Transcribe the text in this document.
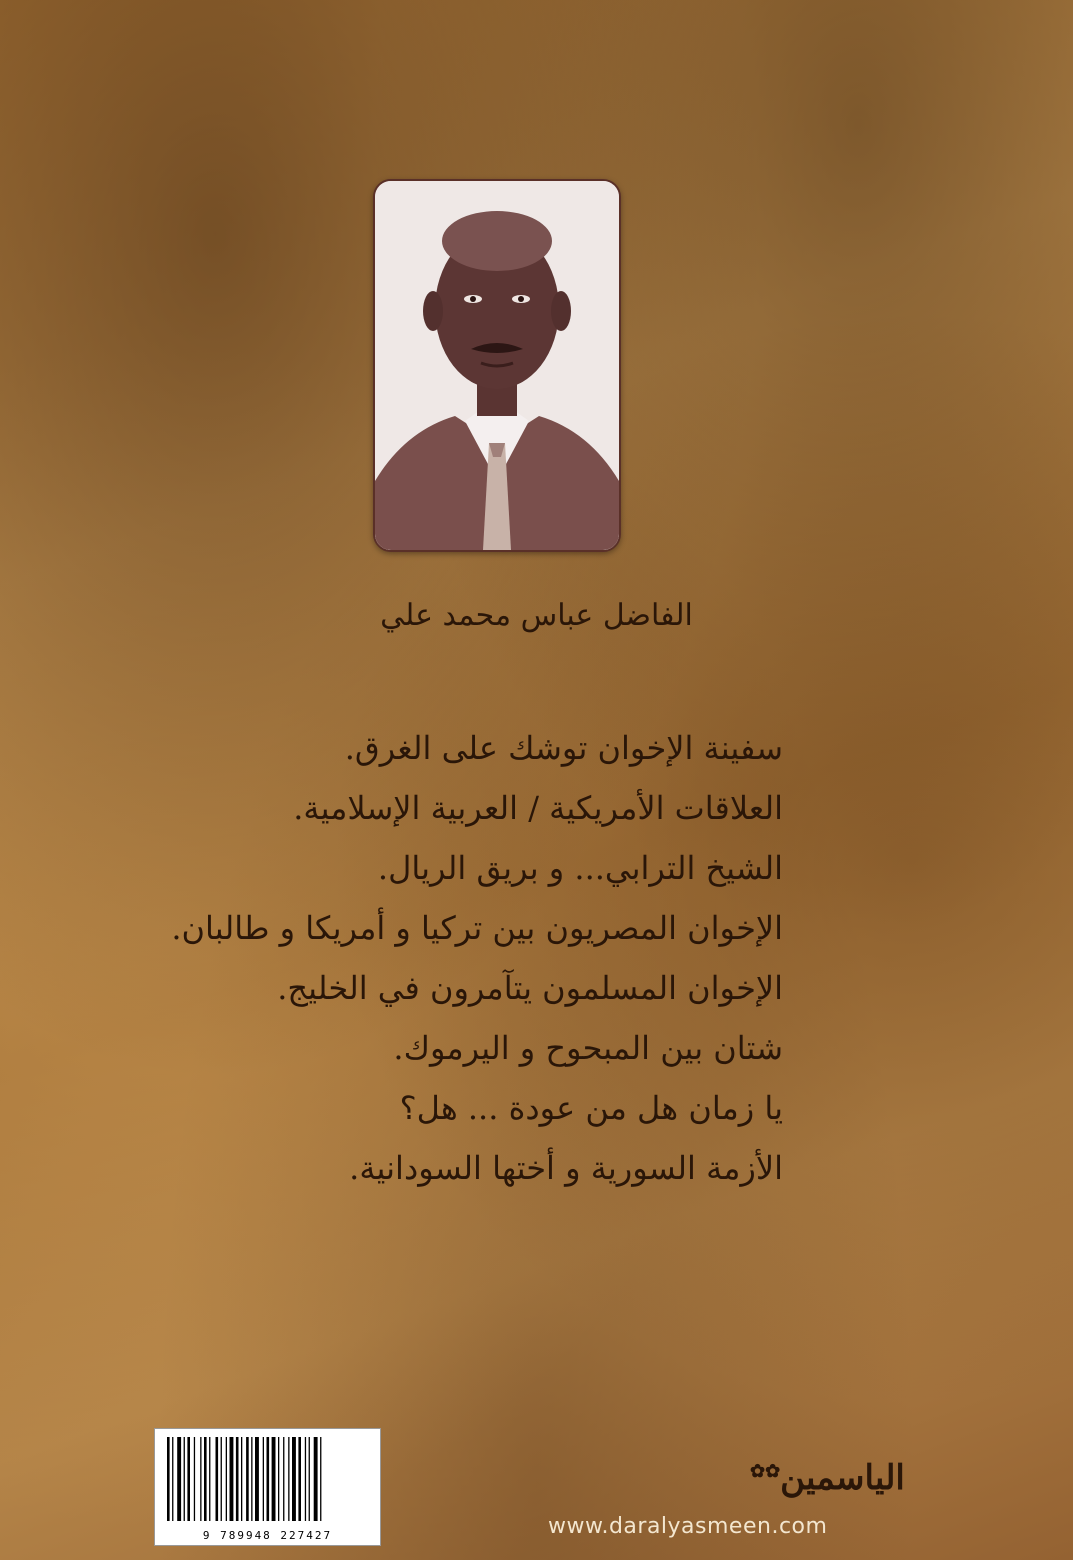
الفاضل عباس محمد علي
سفينة الإخوان توشك على الغرق.
العلاقات الأمريكية / العربية الإسلامية.
الشيخ الترابي... و بريق الريال.
الإخوان المصريون بين تركيا و أمريكا و طالبان.
الإخوان المسلمون يتآمرون في الخليج.
شتان بين المبحوح و اليرموك.
يا زمان هل من عودة ... هل؟
الأزمة السورية و أختها السودانية.
9 789948 227427
الياسمين✿✿
www.daralyasmeen.com
